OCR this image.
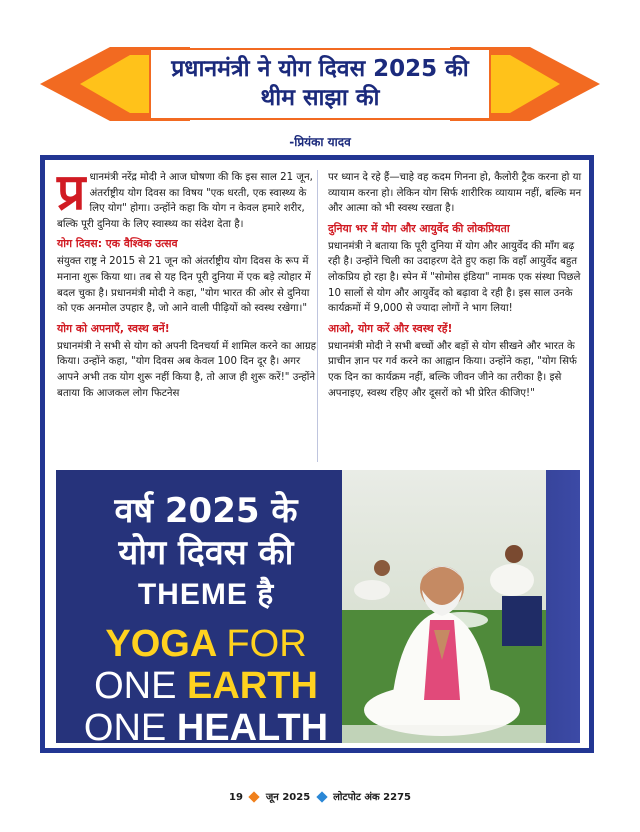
प्रधानमंत्री ने योग दिवस 2025 की
थीम साझा की
-प्रियंका यादव

प्र धानमंत्री नरेंद्र मोदी ने आज घोषणा की कि इस साल 21 जून, अंतर्राष्ट्रीय योग दिवस का विषय "एक धरती, एक स्वास्थ्य के लिए योग" होगा। उन्होंने कहा कि योग न केवल हमारे शरीर, बल्कि पूरी दुनिया के लिए स्वास्थ्य का संदेश देता है।

योग दिवस: एक वैश्विक उत्सव

संयुक्त राष्ट्र ने 2015 से 21 जून को अंतर्राष्ट्रीय योग दिवस के रूप में मनाना शुरू किया था। तब से यह दिन पूरी दुनिया में एक बड़े त्योहार में बदल चुका है। प्रधानमंत्री मोदी ने कहा, "योग भारत की ओर से दुनिया को एक अनमोल उपहार है, जो आने वाली पीढ़ियों को स्वस्थ रखेगा।"

योग को अपनाएँ, स्वस्थ बनें!

प्रधानमंत्री ने सभी से योग को अपनी दिनचर्या में शामिल करने का आग्रह किया। उन्होंने कहा, "योग दिवस अब केवल 100 दिन दूर है। अगर आपने अभी तक योग शुरू नहीं किया है, तो आज ही शुरू करें!" उन्होंने बताया कि आजकल लोग फिटनेस

पर ध्यान दे रहे हैं—चाहे वह कदम गिनना हो, कैलोरी ट्रैक करना हो या व्यायाम करना हो। लेकिन योग सिर्फ शारीरिक व्यायाम नहीं, बल्कि मन और आत्मा को भी स्वस्थ रखता है।

दुनिया भर में योग और आयुर्वेद की लोकप्रियता

प्रधानमंत्री ने बताया कि पूरी दुनिया में योग और आयुर्वेद की माँग बढ़ रही है। उन्होंने चिली का उदाहरण देते हुए कहा कि वहाँ आयुर्वेद बहुत लोकप्रिय हो रहा है। स्पेन में "सोमोस इंडिया" नामक एक संस्था पिछले 10 सालों से योग और आयुर्वेद को बढ़ावा दे रही है। इस साल उनके कार्यक्रमों में 9,000 से ज्यादा लोगों ने भाग लिया!

आओ, योग करें और स्वस्थ रहें!

प्रधानमंत्री मोदी ने सभी बच्चों और बड़ों से योग सीखने और भारत के प्राचीन ज्ञान पर गर्व करने का आह्वान किया। उन्होंने कहा, "योग सिर्फ एक दिन का कार्यक्रम नहीं, बल्कि जीवन जीने का तरीका है। इसे अपनाइए, स्वस्थ रहिए और दूसरों को भी प्रेरित कीजिए!"

वर्ष 2025 के
योग दिवस की
THEME है
YOGA FOR
ONE EARTH
ONE HEALTH
19 जून 2025 लोटपोट अंक 2275
